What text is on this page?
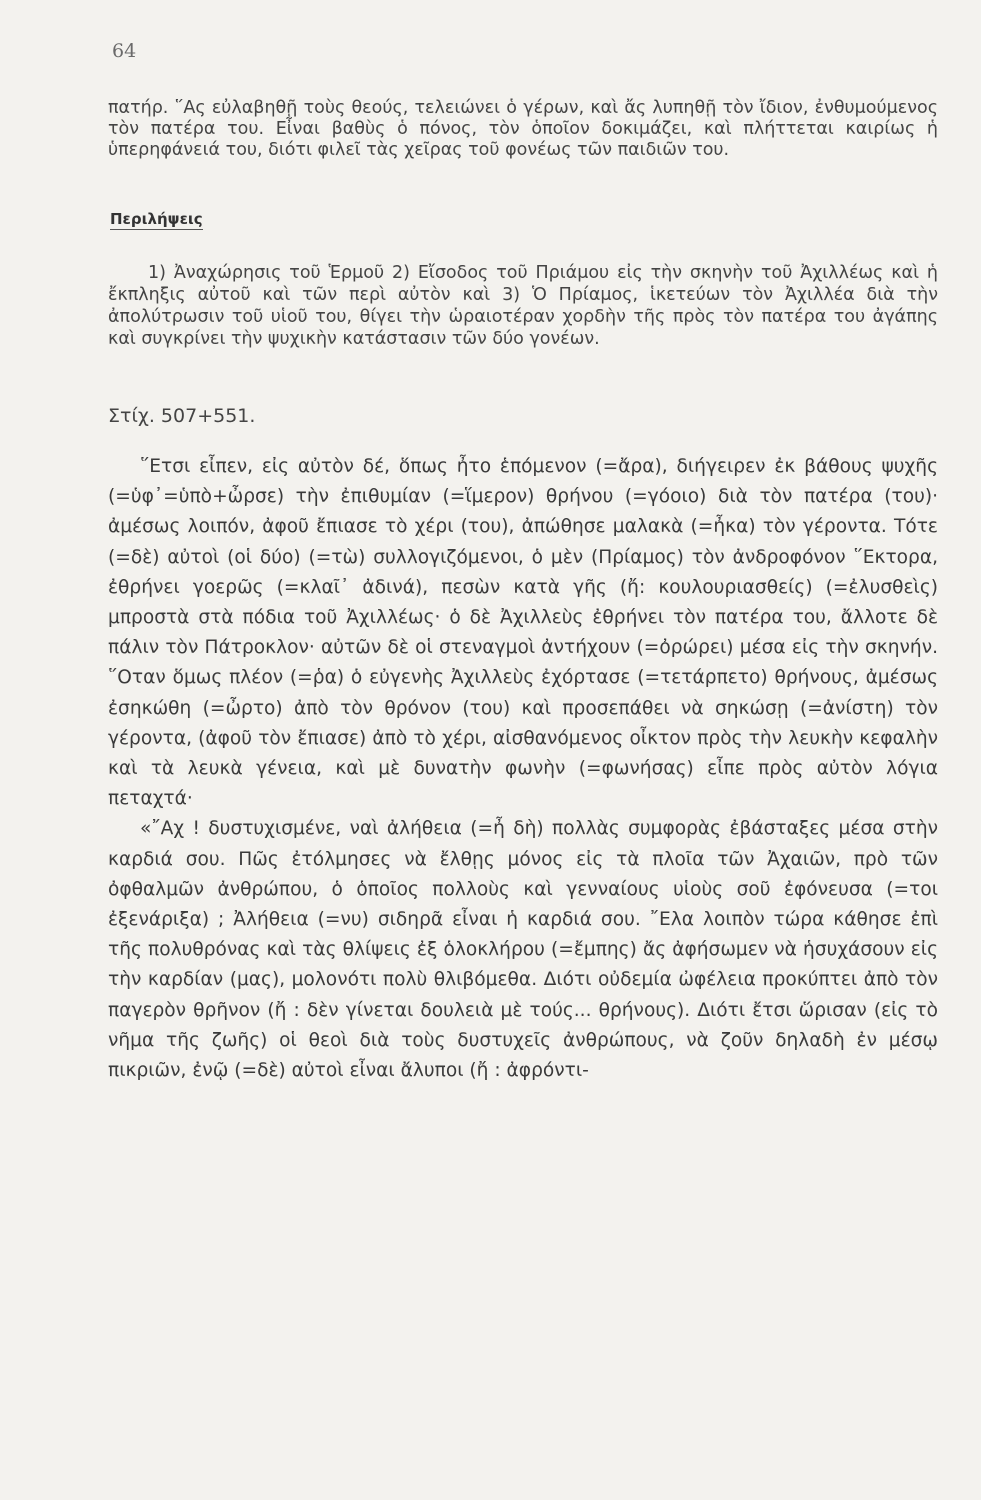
64

πατήρ. ῞Ας εὐλαβηθῇ τοὺς θεούς, τελειώνει ὁ γέρων, καὶ ἄς λυπηθῇ τὸν ἴδιον, ἐνθυμούμενος τὸν πατέρα του. Εἶναι βαθὺς ὁ πόνος, τὸν ὁποῖον δοκιμάζει, καὶ πλήττεται καιρίως ἡ ὑπερηφάνειά του, διότι φιλεῖ τὰς χεῖρας τοῦ φονέως τῶν παιδιῶν του.

Περιλήψεις

1) Ἀναχώρησις τοῦ Ἑρμοῦ 2) Εἴσοδος τοῦ Πριάμου εἰς τὴν σκηνὴν τοῦ Ἀχιλλέως καὶ ἡ ἔκπληξις αὐτοῦ καὶ τῶν περὶ αὐτὸν καὶ 3) Ὁ Πρίαμος, ἱκετεύων τὸν Ἀχιλλέα διὰ τὴν ἀπολύτρωσιν τοῦ υἱοῦ του, θίγει τὴν ὡραιοτέραν χορδὴν τῆς πρὸς τὸν πατέρα του ἀγάπης καὶ συγκρίνει τὴν ψυχικὴν κατάστασιν τῶν δύο γονέων.

Στίχ. 507+551.

῞Ετσι εἶπεν, εἰς αὐτὸν δέ, ὅπως ἦτο ἑπόμενον (=ἄρα), διήγειρεν ἐκ βάθους ψυχῆς (=ὑφ᾽=ὑπὸ+ὦρσε) τὴν ἐπιθυμίαν (=ἵμερον) θρήνου (=γόοιο) διὰ τὸν πατέρα (του)· ἀμέσως λοιπόν, ἀφοῦ ἔπιασε τὸ χέρι (του), ἀπώθησε μαλακὰ (=ἦκα) τὸν γέροντα. Τότε (=δὲ) αὐτοὶ (οἱ δύο) (=τὼ) συλλογιζόμενοι, ὁ μὲν (Πρίαμος) τὸν ἀνδροφόνον ῞Εκτορα, ἐθρήνει γοερῶς (=κλαῖ᾽ ἀδινά), πεσὼν κατὰ γῆς (ἤ: κουλουριασθείς) (=ἐλυσθεὶς) μπροστὰ στὰ πόδια τοῦ Ἀχιλλέως· ὁ δὲ Ἀχιλλεὺς ἐθρήνει τὸν πατέρα του, ἄλλοτε δὲ πάλιν τὸν Πάτροκλον· αὐτῶν δὲ οἱ στεναγμοὶ ἀντήχουν (=ὀρώρει) μέσα εἰς τὴν σκηνήν. ῞Οταν ὅμως πλέον (=ῥα) ὁ εὐγενὴς Ἀχιλλεὺς ἐχόρτασε (=τετάρπετο) θρήνους, ἀμέσως ἐσηκώθη (=ὦρτο) ἀπὸ τὸν θρόνον (του) καὶ προσεπάθει νὰ σηκώσῃ (=ἀνίστη) τὸν γέροντα, (ἀφοῦ τὸν ἔπιασε) ἀπὸ τὸ χέρι, αἰσθανόμενος οἶκτον πρὸς τὴν λευκὴν κεφαλὴν καὶ τὰ λευκὰ γένεια, καὶ μὲ δυνατὴν φωνὴν (=φωνήσας) εἶπε πρὸς αὐτὸν λόγια πεταχτά·

«῎Αχ ! δυστυχισμένε, ναὶ ἀλήθεια (=ἦ δὴ) πολλὰς συμφορὰς ἐβάσταξες μέσα στὴν καρδιά σου. Πῶς ἐτόλμησες νὰ ἔλθῃς μόνος εἰς τὰ πλοῖα τῶν Ἀχαιῶν, πρὸ τῶν ὀφθαλμῶν ἀνθρώπου, ὁ ὁποῖος πολλοὺς καὶ γενναίους υἱοὺς σοῦ ἐφόνευσα (=τοι ἐξενάριξα) ; Ἀλήθεια (=νυ) σιδηρᾶ εἶναι ἡ καρδιά σου. ῎Ελα λοιπὸν τώρα κάθησε ἐπὶ τῆς πολυθρόνας καὶ τὰς θλίψεις ἐξ ὁλοκλήρου (=ἔμπης) ἄς ἀφήσωμεν νὰ ἡσυχάσουν εἰς τὴν καρδίαν (μας), μολονότι πολὺ θλιβόμεθα. Διότι οὐδεμία ὠφέλεια προκύπτει ἀπὸ τὸν παγερὸν θρῆνον (ἤ : δὲν γίνεται δουλειὰ μὲ τούς... θρήνους). Διότι ἔτσι ὥρισαν (εἰς τὸ νῆμα τῆς ζωῆς) οἱ θεοὶ διὰ τοὺς δυστυχεῖς ἀνθρώπους, νὰ ζοῦν δηλαδὴ ἐν μέσῳ πικριῶν, ἐνῷ (=δὲ) αὐτοὶ εἶναι ἄλυποι (ἤ : ἀφρόντι-
